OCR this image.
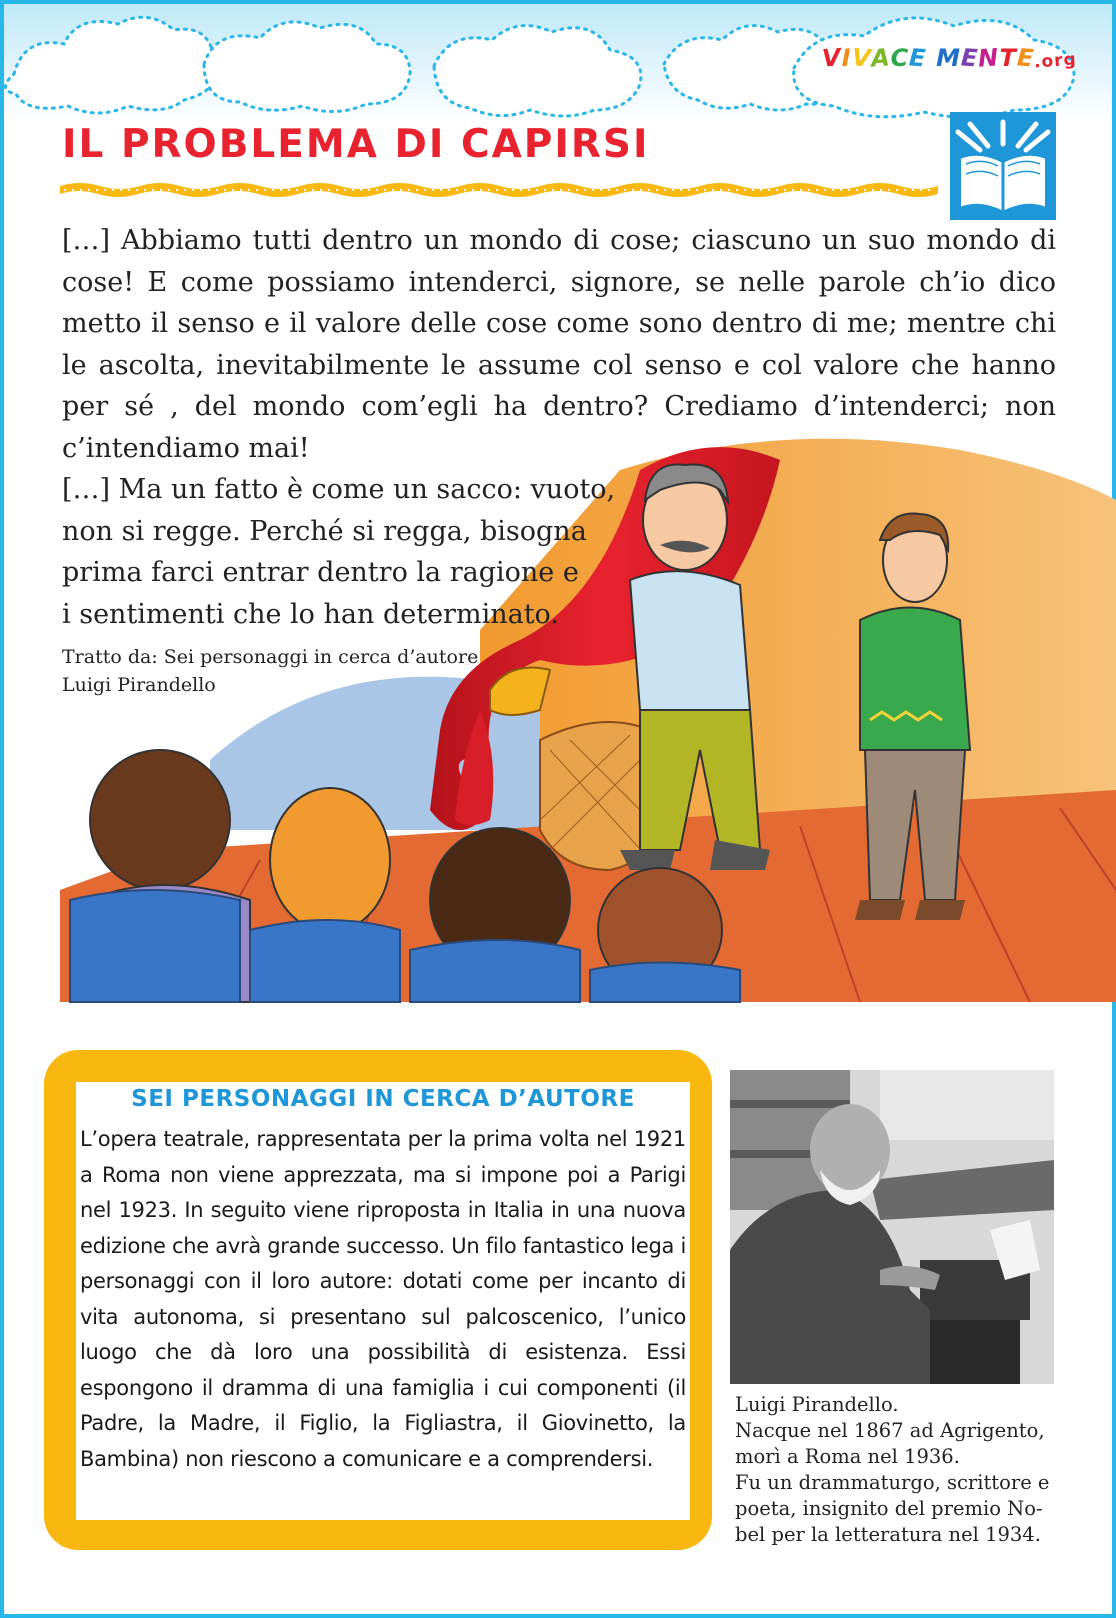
VIVACE MENTE.org
IL PROBLEMA DI CAPIRSI

[…] Abbiamo tutti dentro un mondo di cose; ciascuno un suo mondo di cose! E come possiamo intenderci, signore, se nelle parole ch’io dico metto il senso e il valore delle cose come sono dentro di me; mentre chi le ascolta, inevitabilmente le assume col senso e col valore che hanno per sé , del mondo com’egli ha dentro? Crediamo d’intenderci; non c’intendiamo mai!

[…] Ma un fatto è come un sacco: vuoto,
non si regge. Perché si regga, bisogna
prima farci entrar dentro la ragione e
i sentimenti che lo han determinato.
Tratto da: Sei personaggi in cerca d’autore
Luigi Pirandello
SEI PERSONAGGI IN CERCA D’AUTORE

L’opera teatrale, rappresentata per la prima volta nel 1921 a Roma non viene apprezzata, ma si impone poi a Parigi nel 1923. In seguito viene riproposta in Italia in una nuova edizione che avrà grande successo. Un filo fantastico lega i personaggi con il loro autore: dotati come per incanto di vita autonoma, si presentano sul palcoscenico, l’unico luogo che dà loro una possibilità di esistenza. Essi espongono il dramma di una famiglia i cui componenti (il Padre, la Madre, il Figlio, la Figliastra, il Giovinetto, la Bambina) non riescono a comunicare e a comprendersi.

Luigi Pirandello.
Nacque nel 1867 ad Agrigento,
morì a Roma nel 1936.
Fu un drammaturgo, scrittore e
poeta, insignito del premio No-
bel per la letteratura nel 1934.
